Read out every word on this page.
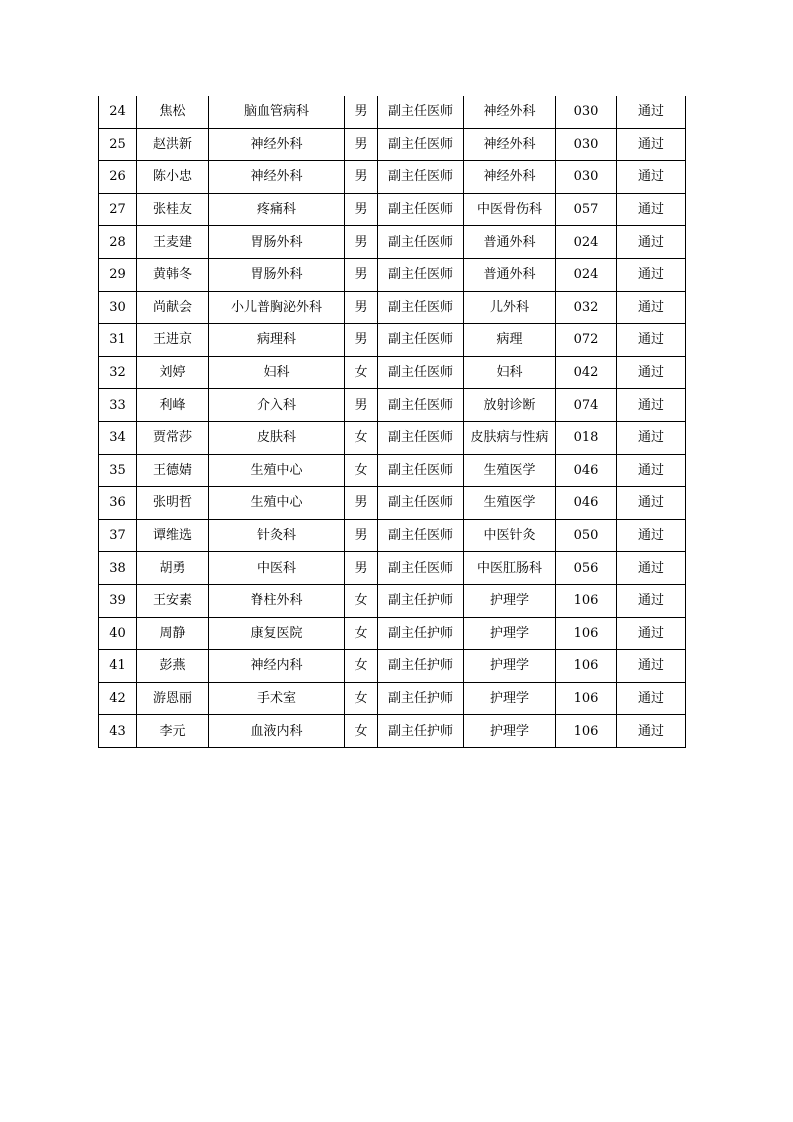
24	焦松	脑血管病科	男	副主任医师	神经外科	030	通过
25	赵洪新	神经外科	男	副主任医师	神经外科	030	通过
26	陈小忠	神经外科	男	副主任医师	神经外科	030	通过
27	张桂友	疼痛科	男	副主任医师	中医骨伤科	057	通过
28	王麦建	胃肠外科	男	副主任医师	普通外科	024	通过
29	黄韩冬	胃肠外科	男	副主任医师	普通外科	024	通过
30	尚献会	小儿普胸泌外科	男	副主任医师	儿外科	032	通过
31	王进京	病理科	男	副主任医师	病理	072	通过
32	刘婷	妇科	女	副主任医师	妇科	042	通过
33	利峰	介入科	男	副主任医师	放射诊断	074	通过
34	贾常莎	皮肤科	女	副主任医师	皮肤病与性病	018	通过
35	王德婧	生殖中心	女	副主任医师	生殖医学	046	通过
36	张明哲	生殖中心	男	副主任医师	生殖医学	046	通过
37	谭维选	针灸科	男	副主任医师	中医针灸	050	通过
38	胡勇	中医科	男	副主任医师	中医肛肠科	056	通过
39	王安素	脊柱外科	女	副主任护师	护理学	106	通过
40	周静	康复医院	女	副主任护师	护理学	106	通过
41	彭燕	神经内科	女	副主任护师	护理学	106	通过
42	游恩丽	手术室	女	副主任护师	护理学	106	通过
43	李元	血液内科	女	副主任护师	护理学	106	通过
